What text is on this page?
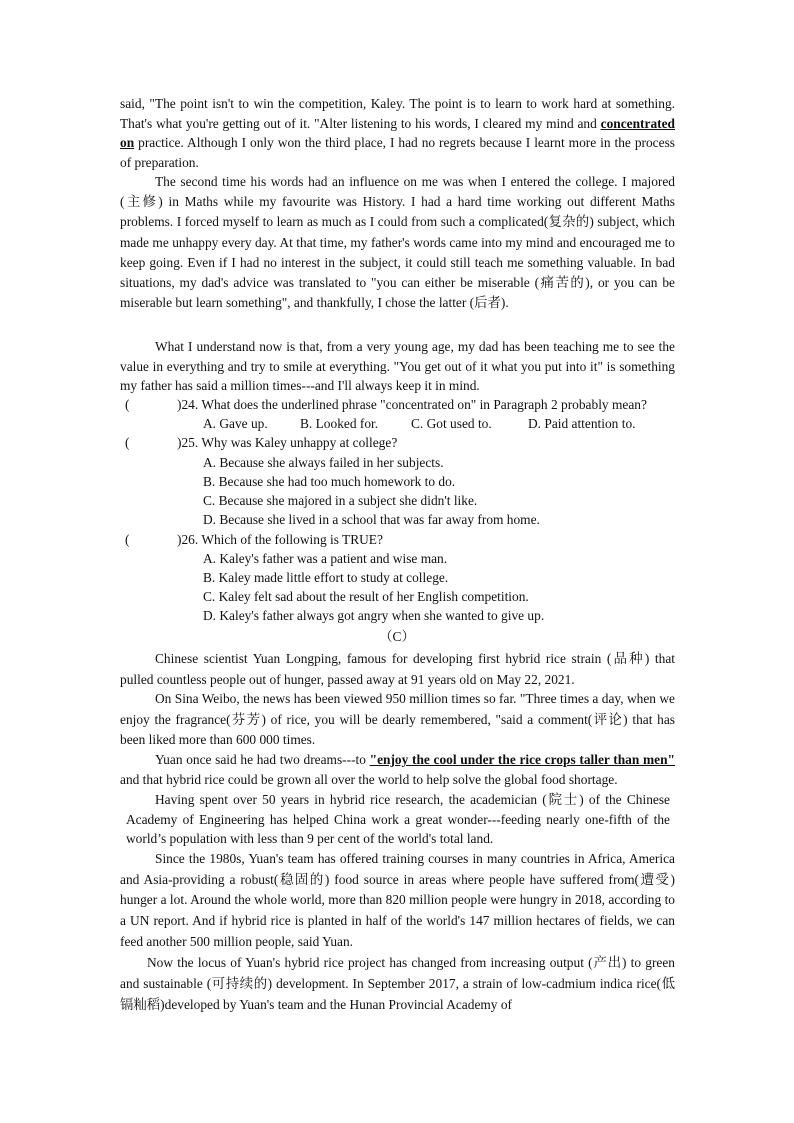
said, "The point isn't to win the competition, Kaley. The point is to learn to work hard at something. That's what you're getting out of it. "Alter listening to his words, I cleared my mind and concentrated on practice. Although I only won the third place, I had no regrets because I learnt more in the process of preparation.

The second time his words had an influence on me was when I entered the college. I majored (主修) in Maths while my favourite was History. I had a hard time working out different Maths problems. I forced myself to learn as much as I could from such a complicated(复杂的) subject, which made me unhappy every day. At that time, my father's words came into my mind and encouraged me to keep going. Even if I had no interest in the subject, it could still teach me something valuable. In bad situations, my dad's advice was translated to "you can either be miserable (痛苦的), or you can be miserable but learn something", and thankfully, I chose the latter (后者).

What I understand now is that, from a very young age, my dad has been teaching me to see the value in everything and try to smile at everything. "You get out of it what you put into it" is something my father has said a million times---and I'll always keep it in mind.

(	)24. What does the underlined phrase "concentrated on" in Paragraph 2 probably mean?
A. Gave up. B. Looked for. C. Got used to.	D. Paid attention to.
(	)25. Why was Kaley unhappy at college?
A. Because she always failed in her subjects.
B. Because she had too much homework to do.
C. Because she majored in a subject she didn't like.
D. Because she lived in a school that was far away from home.
(	)26. Which of the following is TRUE?
A. Kaley's father was a patient and wise man.
B. Kaley made little effort to study at college.
C. Kaley felt sad about the result of her English competition.
D. Kaley's father always got angry when she wanted to give up.
（C）

Chinese scientist Yuan Longping, famous for developing first hybrid rice strain (品种) that pulled countless people out of hunger, passed away at 91 years old on May 22, 2021.

On Sina Weibo, the news has been viewed 950 million times so far. "Three times a day, when we enjoy the fragrance(芬芳) of rice, you will be dearly remembered, "said a comment(评论) that has been liked more than 600 000 times.

Yuan once said he had two dreams---to "enjoy the cool under the rice crops taller than men" and that hybrid rice could be grown all over the world to help solve the global food shortage.

Having spent over 50 years in hybrid rice research, the academician (院士) of the Chinese Academy of Engineering has helped China work a great wonder---feeding nearly one-fifth of the world’s population with less than 9 per cent of the world's total land.

Since the 1980s, Yuan's team has offered training courses in many countries in Africa, America and Asia-providing a robust(稳固的) food source in areas where people have suffered from(遭受) hunger a lot. Around the whole world, more than 820 million people were hungry in 2018, according to a UN report. And if hybrid rice is planted in half of the world's 147 million hectares of fields, we can feed another 500 million people, said Yuan.

Now the locus of Yuan's hybrid rice project has changed from increasing output (产出) to green and sustainable (可持续的) development. In September 2017, a strain of low-cadmium indica rice(低镉籼稻)developed by Yuan's team and the Hunan Provincial Academy of
